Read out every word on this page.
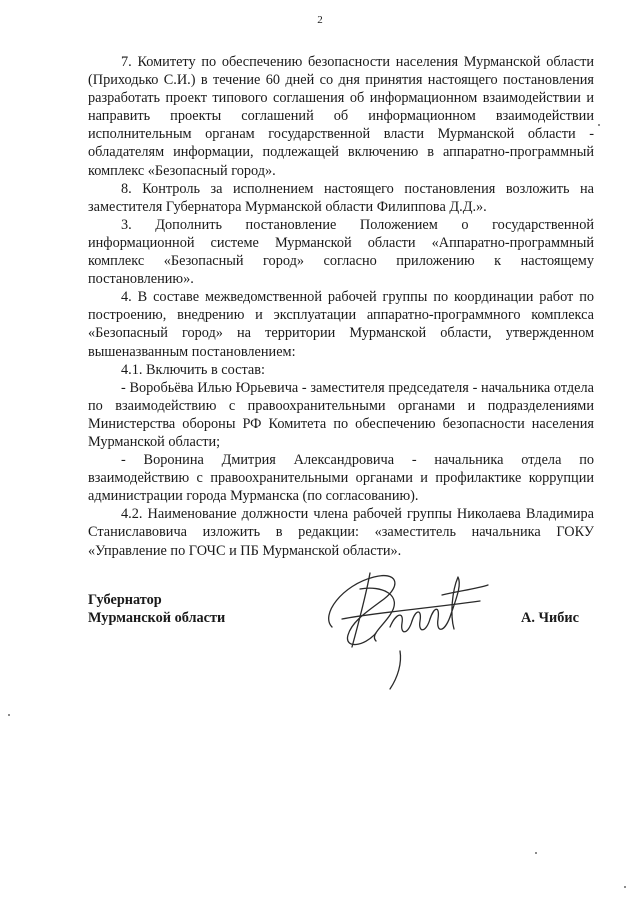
2

7. Комитету по обеспечению безопасности населения Мурманской области (Приходько С.И.) в течение 60 дней со дня принятия настоящего постановления разработать проект типового соглашения об информационном взаимодействии и направить проекты соглашений об информационном взаимодействии исполнительным органам государственной власти Мурманской области - обладателям информации, подлежащей включению в аппаратно-программный комплекс «Безопасный город».

8. Контроль за исполнением настоящего постановления возложить на заместителя Губернатора Мурманской области Филиппова Д.Д.».

3. Дополнить постановление Положением о государственной информационной системе Мурманской области «Аппаратно-программный комплекс «Безопасный город» согласно приложению к настоящему постановлению».

4. В составе межведомственной рабочей группы по координации работ по построению, внедрению и эксплуатации аппаратно-программного комплекса «Безопасный город» на территории Мурманской области, утвержденном вышеназванным постановлением:

4.1. Включить в состав:

- Воробьёва Илью Юрьевича - заместителя председателя - начальника отдела по взаимодействию с правоохранительными органами и подразделениями Министерства обороны РФ Комитета по обеспечению безопасности населения Мурманской области;

- Воронина Дмитрия Александровича - начальника отдела по взаимодействию с правоохранительными органами и профилактике коррупции администрации города Мурманска (по согласованию).

4.2. Наименование должности члена рабочей группы Николаева Владимира Станиславовича изложить в редакции: «заместитель начальника ГОКУ «Управление по ГОЧС и ПБ Мурманской области».

Губернатор
Мурманской области	А. Чибис
